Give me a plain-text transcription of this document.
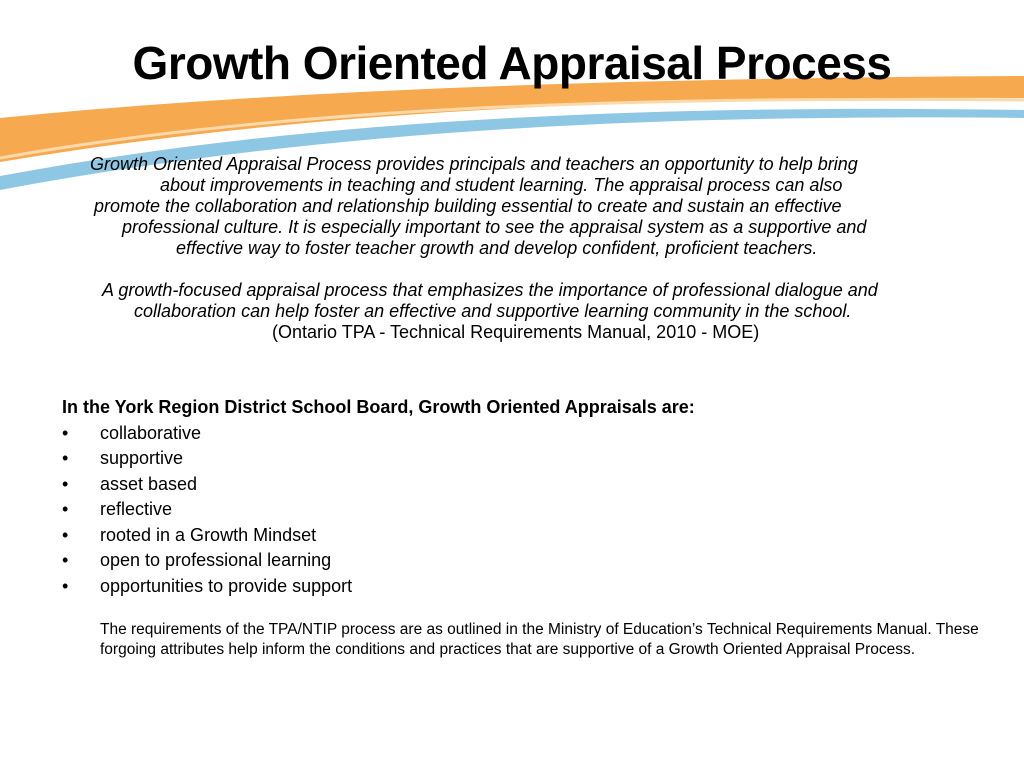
Growth Oriented Appraisal Process
Growth Oriented Appraisal Process provides principals and teachers an opportunity to help bring
about improvements in teaching and student learning. The appraisal process can also
promote the collaboration and relationship building essential to create and sustain an effective
professional culture. It is especially important to see the appraisal system as a supportive and
effective way to foster teacher growth and develop confident, proficient teachers.
A growth-focused appraisal process that emphasizes the importance of professional dialogue and
collaboration can help foster an effective and supportive learning community in the school.
(Ontario TPA - Technical Requirements Manual, 2010 - MOE)
In the York Region District School Board, Growth Oriented Appraisals are:
• collaborative
• supportive
• asset based
• reflective
• rooted in a Growth Mindset
• open to professional learning
• opportunities to provide support

The requirements of the TPA/NTIP process are as outlined in the Ministry of Education’s Technical Requirements Manual. These forgoing attributes help inform the conditions and practices that are supportive of a Growth Oriented Appraisal Process.
